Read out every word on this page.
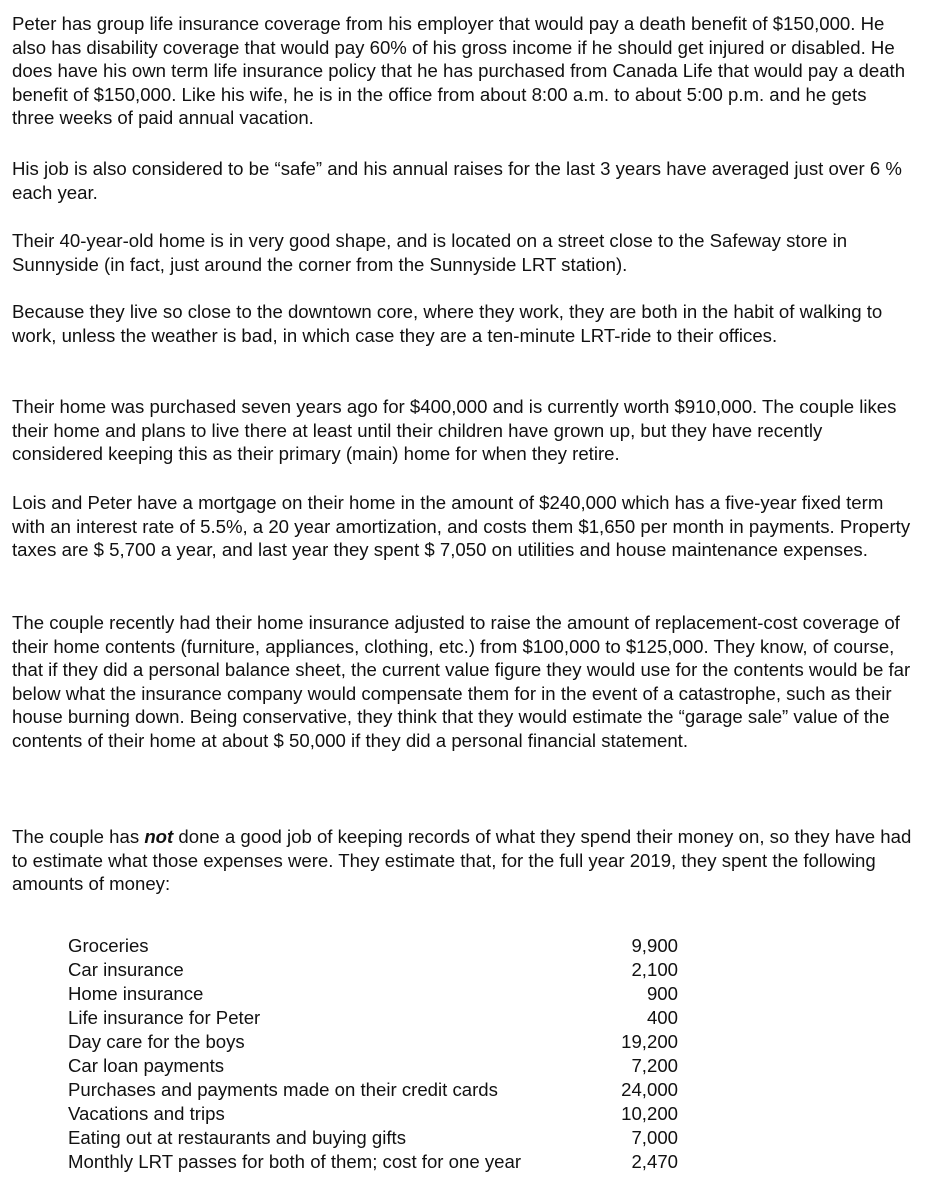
Peter has group life insurance coverage from his employer that would pay a death benefit of $150,000. He also has disability coverage that would pay 60% of his gross income if he should get injured or disabled. He does have his own term life insurance policy that he has purchased from Canada Life that would pay a death benefit of $150,000. Like his wife, he is in the office from about 8:00 a.m. to about 5:00 p.m. and he gets three weeks of paid annual vacation.

His job is also considered to be “safe” and his annual raises for the last 3 years have averaged just over 6 % each year.

Their 40-year-old home is in very good shape, and is located on a street close to the Safeway store in Sunnyside (in fact, just around the corner from the Sunnyside LRT station).

Because they live so close to the downtown core, where they work, they are both in the habit of walking to work, unless the weather is bad, in which case they are a ten-minute LRT-ride to their offices.

Their home was purchased seven years ago for $400,000 and is currently worth $910,000. The couple likes their home and plans to live there at least until their children have grown up, but they have recently considered keeping this as their primary (main) home for when they retire.

Lois and Peter have a mortgage on their home in the amount of $240,000 which has a five-year fixed term with an interest rate of 5.5%, a 20 year amortization, and costs them $1,650 per month in payments. Property taxes are $ 5,700 a year, and last year they spent $ 7,050 on utilities and house maintenance expenses.

The couple recently had their home insurance adjusted to raise the amount of replacement-cost coverage of their home contents (furniture, appliances, clothing, etc.) from $100,000 to $125,000. They know, of course, that if they did a personal balance sheet, the current value figure they would use for the contents would be far below what the insurance company would compensate them for in the event of a catastrophe, such as their house burning down. Being conservative, they think that they would estimate the “garage sale” value of the contents of their home at about $ 50,000 if they did a personal financial statement.

The couple has not done a good job of keeping records of what they spend their money on, so they have had to estimate what those expenses were. They estimate that, for the full year 2019, they spent the following amounts of money:

Groceries	9,900
Car insurance	2,100
Home insurance	900
Life insurance for Peter	400
Day care for the boys	19,200
Car loan payments	7,200
Purchases and payments made on their credit cards	24,000
Vacations and trips	10,200
Eating out at restaurants and buying gifts	7,000
Monthly LRT passes for both of them; cost for one year	2,470
